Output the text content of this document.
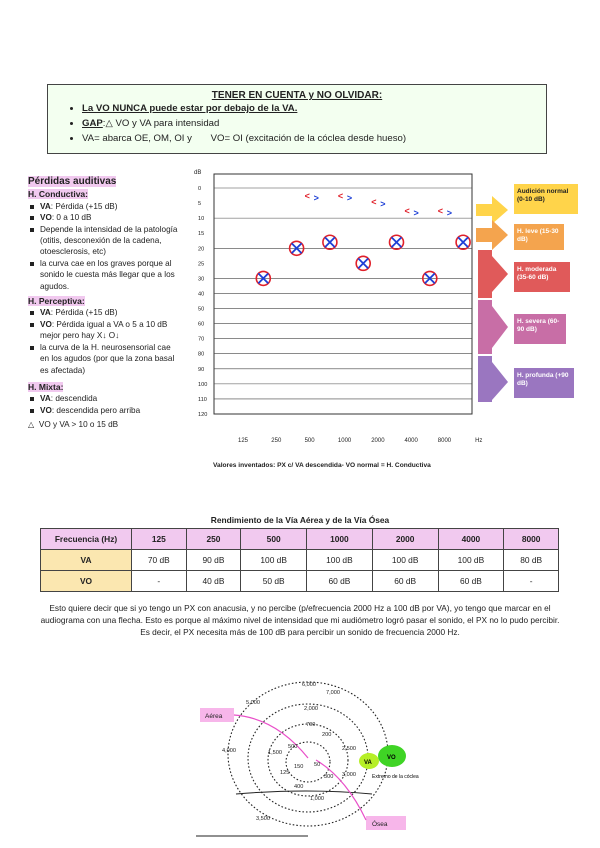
TENER EN CUENTA y NO OLVIDAR:
• La VO NUNCA puede estar por debajo de la VA.
• GAP:△ VO y VA para intensidad
• VA= abarca OE, OM, OI y VO= OI (excitación de la cóclea desde hueso)
Pérdidas auditivas
H. Conductiva:
VA: Pérdida (+15 dB)
VO: 0 a 10 dB
Depende la intensidad de la patología (otitis, desconexión de la cadena, otoesclerosis, etc)
la curva cae en los graves porque al sonido le cuesta más llegar que a los agudos.
H. Perceptiva:
VA: Pérdida (+15 dB)
VO: Pérdida igual a VA o 5 a 10 dB mejor pero hay X↓ O↓
la curva de la H. neurosensorial cae en los agudos (por que la zona basal es afectada)
H. Mixta:
VA: descendida
VO: descendida pero arriba
△ VO y VA > 10 o 15 dB
dB
0
5
10
15
20
25
30
40
50
60
70
80
90
100
110
120
125	250	500	1000	2000	4000	8000	Hz
< > < > < >
< > < >
Valores inventados: PX c/ VA descendida- VO normal = H. Conductiva
Audición normal (0-10 dB)
H. leve (15-30 dB)
H. moderada (35-60 dB)
H. severa (60-90 dB)
H. profunda (+90 dB)
Rendimiento de la Vía Aérea y de la Vía Ósea
Frecuencia (Hz)	125	250	500	1000	2000	4000	8000
VA	70 dB	90 dB	100 dB	100 dB	100 dB	100 dB	80 dB
VO	-	40 dB	50 dB	60 dB	60 dB	60 dB	-
Esto quiere decir que si yo tengo un PX con anacusia, y no percibe (p/efrecuencia 2000 Hz a 100 dB por VA), yo tengo que marcar en el audiograma con una flecha. Esto es porque al máximo nivel de intensidad que mi audiómetro logró pasar el sonido, el PX no lo pudo percibir. Es decir, el PX necesita más de 100 dB para percibir un sonido de frecuencia 2000 Hz.
Aérea
Ósea
VA
VO
Extremo de la cóclea
6,000
7,000
5,000
2,000
700
200
1,500
500
4,000
150
125
50
300
400
1,000
3,000
2,500
3,500
